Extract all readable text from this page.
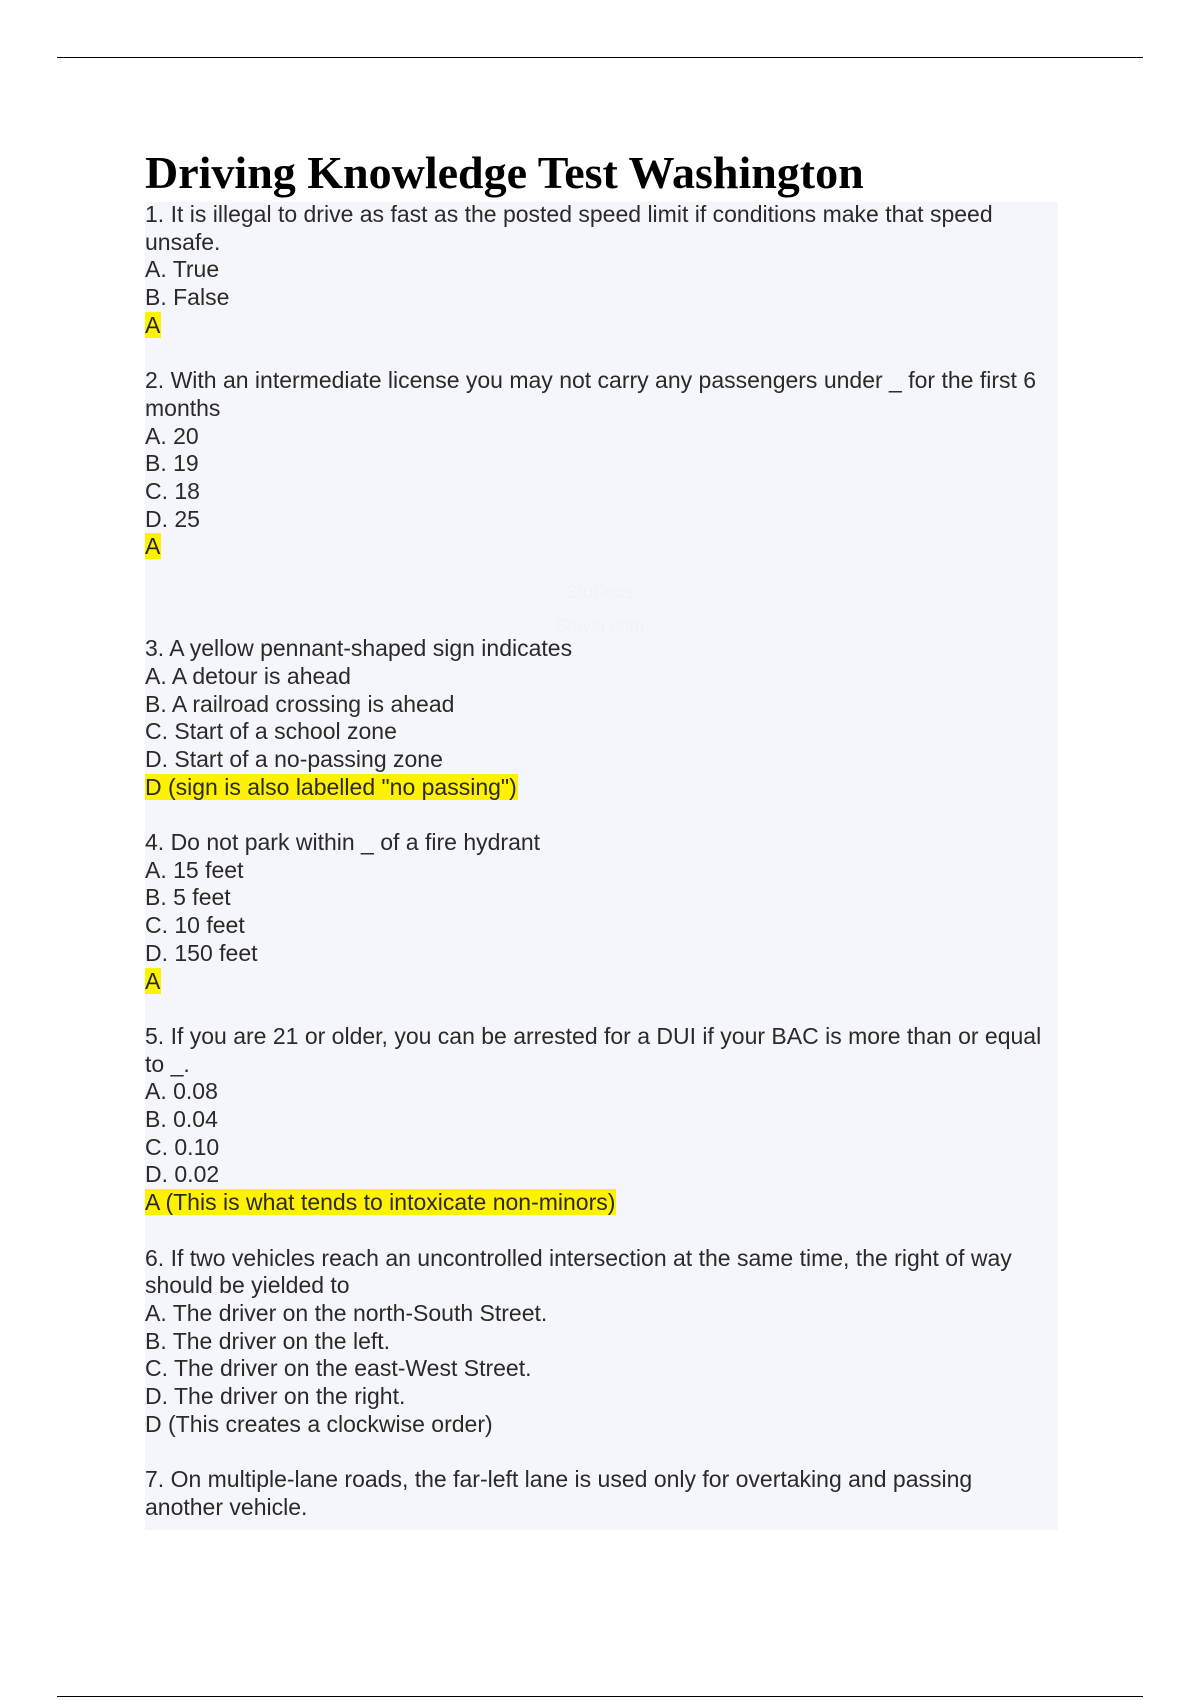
Driving Knowledge Test Washington
StuDocs
Stuvia.com

1. It is illegal to drive as fast as the posted speed limit if conditions make that speed unsafe.

A. True

B. False

A

2. With an intermediate license you may not carry any passengers under _ for the first 6 months

A. 20

B. 19

C. 18

D. 25

A

3. A yellow pennant-shaped sign indicates

A. A detour is ahead

B. A railroad crossing is ahead

C. Start of a school zone

D. Start of a no-passing zone

D (sign is also labelled "no passing")

4. Do not park within _ of a fire hydrant

A. 15 feet

B. 5 feet

C. 10 feet

D. 150 feet

A

5. If you are 21 or older, you can be arrested for a DUI if your BAC is more than or equal to _.

A. 0.08

B. 0.04

C. 0.10

D. 0.02

A (This is what tends to intoxicate non-minors)

6. If two vehicles reach an uncontrolled intersection at the same time, the right of way should be yielded to

A. The driver on the north-South Street.

B. The driver on the left.

C. The driver on the east-West Street.

D. The driver on the right.

D (This creates a clockwise order)

7. On multiple-lane roads, the far-left lane is used only for overtaking and passing another vehicle.
